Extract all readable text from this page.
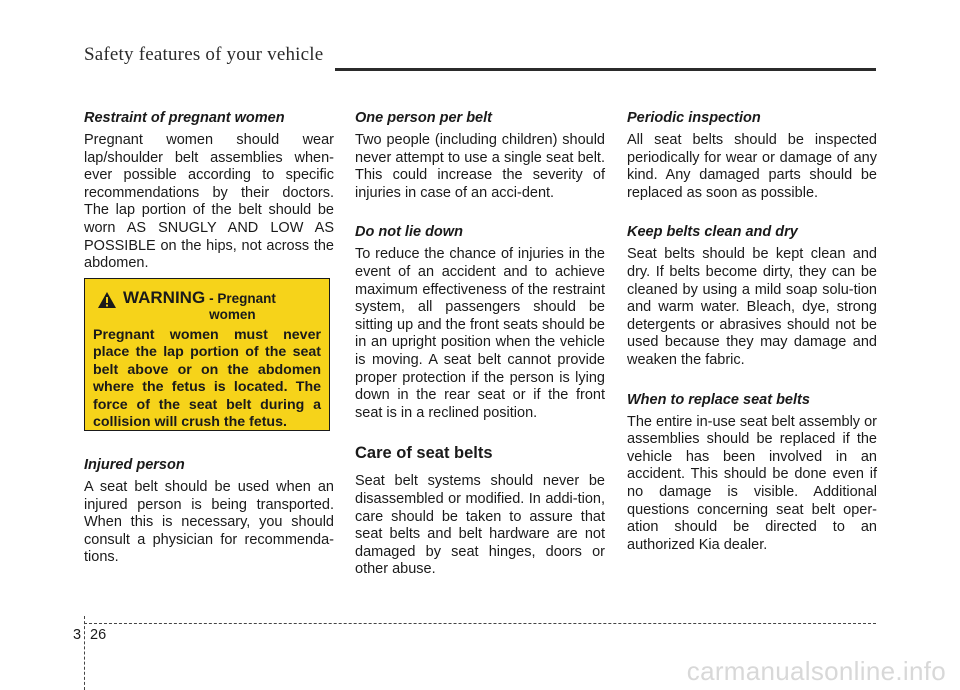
Safety features of your vehicle
Restraint of pregnant women

Pregnant women should wear lap/shoulder belt assemblies when-ever possible according to specific recommendations by their doctors. The lap portion of the belt should be worn AS SNUGLY AND LOW AS POSSIBLE on the hips, not across the abdomen.

WARNING - Pregnant women
Pregnant women must never place the lap portion of the seat belt above or on the abdomen where the fetus is located. The force of the seat belt during a collision will crush the fetus.
Injured person

A seat belt should be used when an injured person is being transported. When this is necessary, you should consult a physician for recommenda-tions.

One person per belt

Two people (including children) should never attempt to use a single seat belt. This could increase the severity of injuries in case of an acci-dent.

Do not lie down

To reduce the chance of injuries in the event of an accident and to achieve maximum effectiveness of the restraint system, all passengers should be sitting up and the front seats should be in an upright position when the vehicle is moving. A seat belt cannot provide proper protection if the person is lying down in the rear seat or if the front seat is in a reclined position.

Care of seat belts

Seat belt systems should never be disassembled or modified. In addi-tion, care should be taken to assure that seat belts and belt hardware are not damaged by seat hinges, doors or other abuse.

Periodic inspection

All seat belts should be inspected periodically for wear or damage of any kind. Any damaged parts should be replaced as soon as possible.

Keep belts clean and dry

Seat belts should be kept clean and dry. If belts become dirty, they can be cleaned by using a mild soap solu-tion and warm water. Bleach, dye, strong detergents or abrasives should not be used because they may damage and weaken the fabric.

When to replace seat belts

The entire in-use seat belt assembly or assemblies should be replaced if the vehicle has been involved in an accident. This should be done even if no damage is visible. Additional questions concerning seat belt oper-ation should be directed to an authorized Kia dealer.

3 26
carmanualsonline.info
